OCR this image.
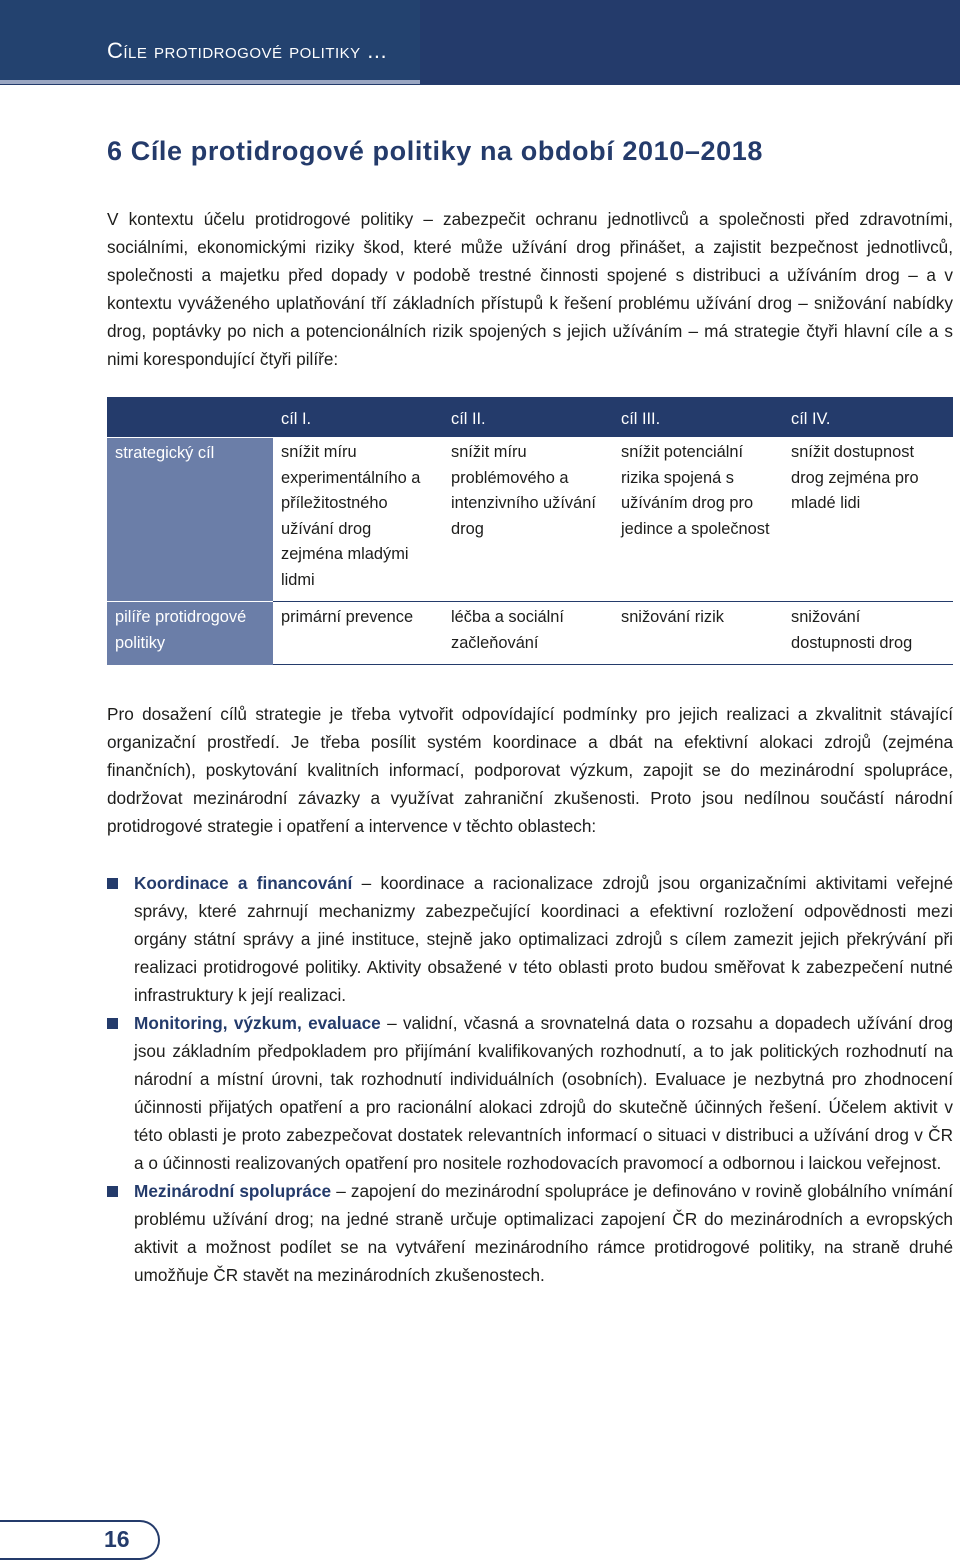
Cíle protidrogové politiky ...
6 Cíle protidrogové politiky na období 2010–2018

V kontextu účelu protidrogové politiky – zabezpečit ochranu jednotlivců a společnosti před zdravotními, sociálními, ekonomickými riziky škod, které může užívání drog přinášet, a zajistit bezpečnost jednotlivců, společnosti a majetku před dopady v podobě trestné činnosti spojené s distribuci a užíváním drog – a v kontextu vyváženého uplatňování tří základních přístupů k řešení problému užívání drog – snižování nabídky drog, poptávky po nich a potencionálních rizik spojených s jejich užíváním – má strategie čtyři hlavní cíle a s nimi korespondující čtyři pilíře:

	cíl I.	cíl II.	cíl III.	cíl IV.
strategický cíl	snížit míru experimentálního a příležitostného užívání drog zejména mladými lidmi	snížit míru problémového a intenzivního užívání drog	snížit potenciální rizika spojená s užíváním drog pro jedince a společnost	snížit dostupnost drog zejména pro mladé lidi
pilíře protidrogové politiky	primární prevence	léčba a sociální začleňování	snižování rizik	snižování dostupnosti drog

Pro dosažení cílů strategie je třeba vytvořit odpovídající podmínky pro jejich realizaci a zkvalitnit stávající organizační prostředí. Je třeba posílit systém koordinace a dbát na efektivní alokaci zdrojů (zejména finančních), poskytování kvalitních informací, podporovat výzkum, zapojit se do mezinárodní spolupráce, dodržovat mezinárodní závazky a využívat zahraniční zkušenosti. Proto jsou nedílnou součástí národní protidrogové strategie i opatření a intervence v těchto oblastech:

Koordinace a financování – koordinace a racionalizace zdrojů jsou organizačními aktivitami veřejné správy, které zahrnují mechanizmy zabezpečující koordinaci a efektivní rozložení odpovědnosti mezi orgány státní správy a jiné instituce, stejně jako optimalizaci zdrojů s cílem zamezit jejich překrývání při realizaci protidrogové politiky. Aktivity obsažené v této oblasti proto budou směřovat k zabezpečení nutné infrastruktury k její realizaci.
Monitoring, výzkum, evaluace – validní, včasná a srovnatelná data o rozsahu a dopadech užívání drog jsou základním předpokladem pro přijímání kvalifikovaných rozhodnutí, a to jak politických rozhodnutí na národní a místní úrovni, tak rozhodnutí individuálních (osobních). Evaluace je nezbytná pro zhodnocení účinnosti přijatých opatření a pro racionální alokaci zdrojů do skutečně účinných řešení. Účelem aktivit v této oblasti je proto zabezpečovat dostatek relevantních informací o situaci v distribuci a užívání drog v ČR a o účinnosti realizovaných opatření pro nositele rozhodovacích pravomocí a odbornou i laickou veřejnost.
Mezinárodní spolupráce – zapojení do mezinárodní spolupráce je definováno v rovině globálního vnímání problému užívání drog; na jedné straně určuje optimalizaci zapojení ČR do mezinárodních a evropských aktivit a možnost podílet se na vytváření mezinárodního rámce protidrogové politiky, na straně druhé umožňuje ČR stavět na mezinárodních zkušenostech.
16
